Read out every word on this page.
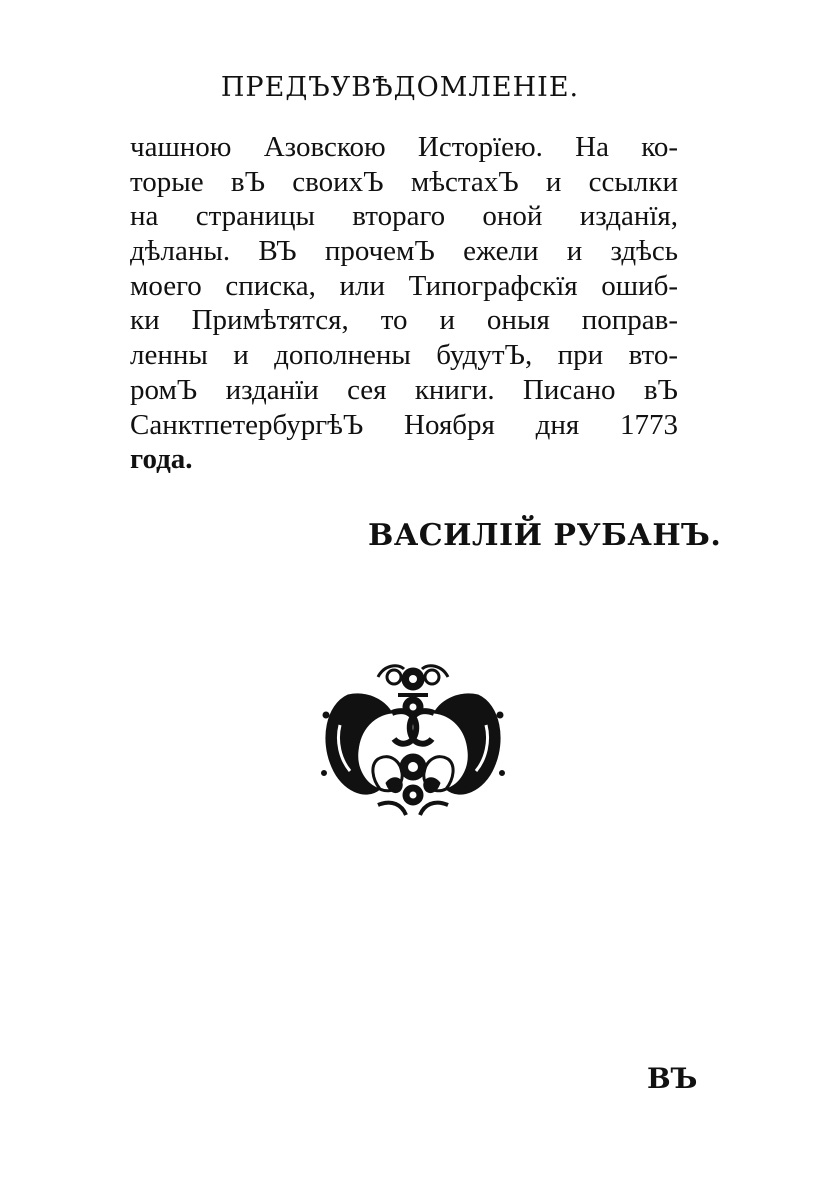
ПРЕДЪУВѢДОМЛЕНІЕ.
чашною Азовскою Исторїею. На ко-
торые вЪ своихЪ мѣстахЪ и ссылки
на страницы втораго оной изданїя,
дѣланы. ВЪ прочемЪ ежели и здѣсь
моего списка, или Типографскїя ошиб-
ки Примѣтятся, то и оныя поправ-
ленны и дополнены будутЪ, при вто-
ромЪ изданїи сея книги. Писано вЪ
СанктпетербургѣЪ Ноября дня 1773
года.
ВАСИЛІЙ РУБАНЪ.
ВЪ
